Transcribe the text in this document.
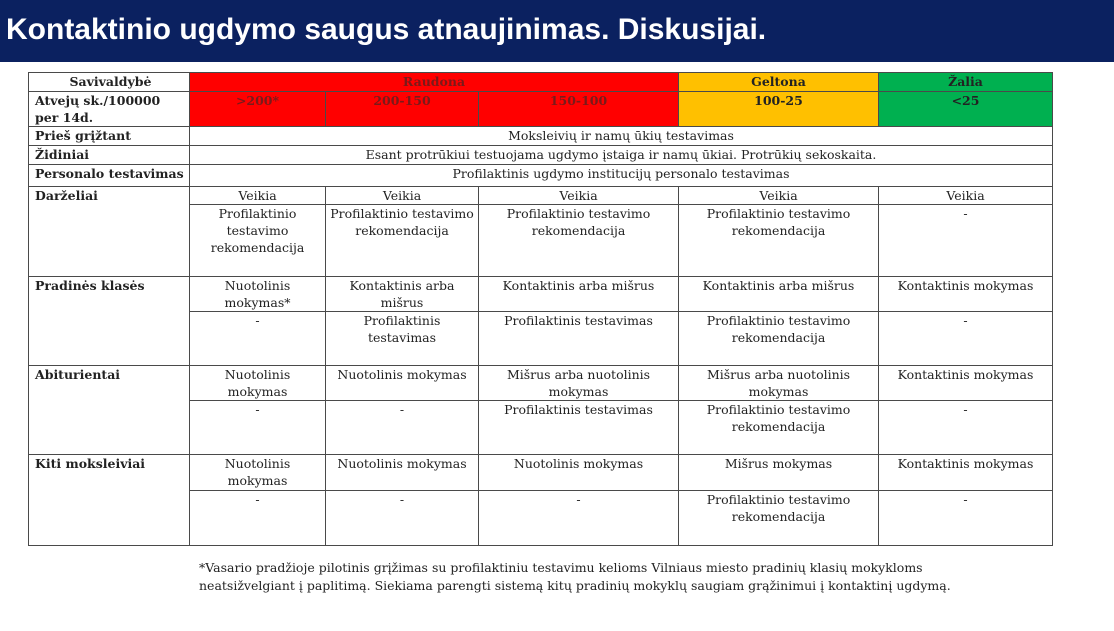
Kontaktinio ugdymo saugus atnaujinimas. Diskusijai.
Savivaldybė	Raudona			Geltona	Žalia
Atvejų sk./100000 per 14d.	>200*	200-150	150-100	100-25	<25
Prieš grįžtant	Moksleivių ir namų ūkių testavimas				
Židiniai	Esant protrūkiui testuojama ugdymo įstaiga ir namų ūkiai. Protrūkių sekoskaita.				
Personalo testavimas	Profilaktinis ugdymo institucijų personalo testavimas				
Darželiai	Veikia	Veikia	Veikia	Veikia	Veikia
	Profilaktinio testavimo rekomendacija	Profilaktinio testavimo rekomendacija	Profilaktinio testavimo rekomendacija	Profilaktinio testavimo rekomendacija	-
Pradinės klasės	Nuotolinis mokymas*	Kontaktinis arba mišrus	Kontaktinis arba mišrus	Kontaktinis arba mišrus	Kontaktinis mokymas
	-	Profilaktinis testavimas	Profilaktinis testavimas	Profilaktinio testavimo rekomendacija	-
Abiturientai	Nuotolinis mokymas	Nuotolinis mokymas	Mišrus arba nuotolinis mokymas	Mišrus arba nuotolinis mokymas	Kontaktinis mokymas
	-	-	Profilaktinis testavimas	Profilaktinio testavimo rekomendacija	-
Kiti moksleiviai	Nuotolinis mokymas	Nuotolinis mokymas	Nuotolinis mokymas	Mišrus mokymas	Kontaktinis mokymas
	-	-	-	Profilaktinio testavimo rekomendacija	-
*Vasario pradžioje pilotinis grįžimas su profilaktiniu testavimu kelioms Vilniaus miesto pradinių klasių mokykloms neatsižvelgiant į paplitimą. Siekiama parengti sistemą kitų pradinių mokyklų saugiam grąžinimui į kontaktinį ugdymą.
